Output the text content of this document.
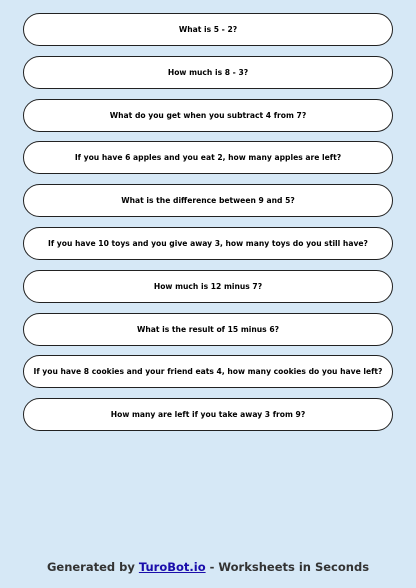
What is 5 - 2?
How much is 8 - 3?
What do you get when you subtract 4 from 7?
If you have 6 apples and you eat 2, how many apples are left?
What is the difference between 9 and 5?
If you have 10 toys and you give away 3, how many toys do you still have?
How much is 12 minus 7?
What is the result of 15 minus 6?
If you have 8 cookies and your friend eats 4, how many cookies do you have left?
How many are left if you take away 3 from 9?
Generated by TuroBot.io - Worksheets in Seconds
